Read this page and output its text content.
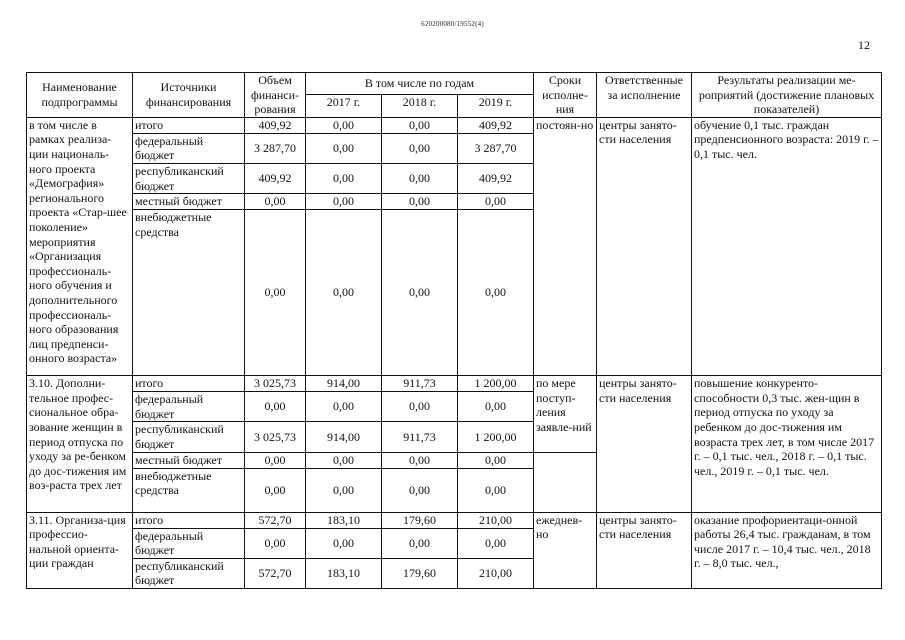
620200080/19552(4)
12
Наименование подпрограммы	Источники финансирования	Объем финанси-рования	В том числе по годам			Сроки исполне-ния	Ответственные за исполнение	Результаты реализации ме-роприятий (достижение плановых показателей)
			2017 г.	2018 г.	2019 г.			
в том числе в рамках реализа-ции националь-ного проекта «Демография» регионального проекта «Стар-шее поколение» мероприятия «Организация профессиональ-ного обучения и дополнительного профессиональ-ного образования лиц предпенси-онного возраста»	итого	409,92	0,00	0,00	409,92	постоян-но	центры занято-сти населения	обучение 0,1 тыс. граждан предпенсионного возраста: 2019 г. – 0,1 тыс. чел.
	федеральный бюджет	3 287,70	0,00	0,00	3 287,70			
	республиканский бюджет	409,92	0,00	0,00	409,92			
	местный бюджет	0,00	0,00	0,00	0,00			
	внебюджетные средства	0,00	0,00	0,00	0,00			
3.10. Дополни-тельное профес-сиональное обра-зование женщин в период отпуска по уходу за ре-бенком до дос-тижения им воз-раста трех лет	итого	3 025,73	914,00	911,73	1 200,00	по мере поступ-ления заявле-ний	центры занято-сти населения	повышение конкуренто-способности 0,3 тыс. жен-щин в период отпуска по уходу за ребенком до дос-тижения им возраста трех лет, в том числе 2017 г. – 0,1 тыс. чел., 2018 г. – 0,1 тыс. чел., 2019 г. – 0,1 тыс. чел.
	федеральный бюджет	0,00	0,00	0,00	0,00			
	республиканский бюджет	3 025,73	914,00	911,73	1 200,00			
	местный бюджет	0,00	0,00	0,00	0,00			
	внебюджетные средства	0,00	0,00	0,00	0,00			
3.11. Организа-ция профессио-нальной ориента-ции граждан	итого	572,70	183,10	179,60	210,00	ежеднев-но	центры занято-сти населения	оказание профориентаци-онной работы 26,4 тыс. гражданам, в том числе 2017 г. – 10,4 тыс. чел., 2018 г. – 8,0 тыс. чел.,
	федеральный бюджет	0,00	0,00	0,00	0,00			
	республиканский бюджет	572,70	183,10	179,60	210,00			
